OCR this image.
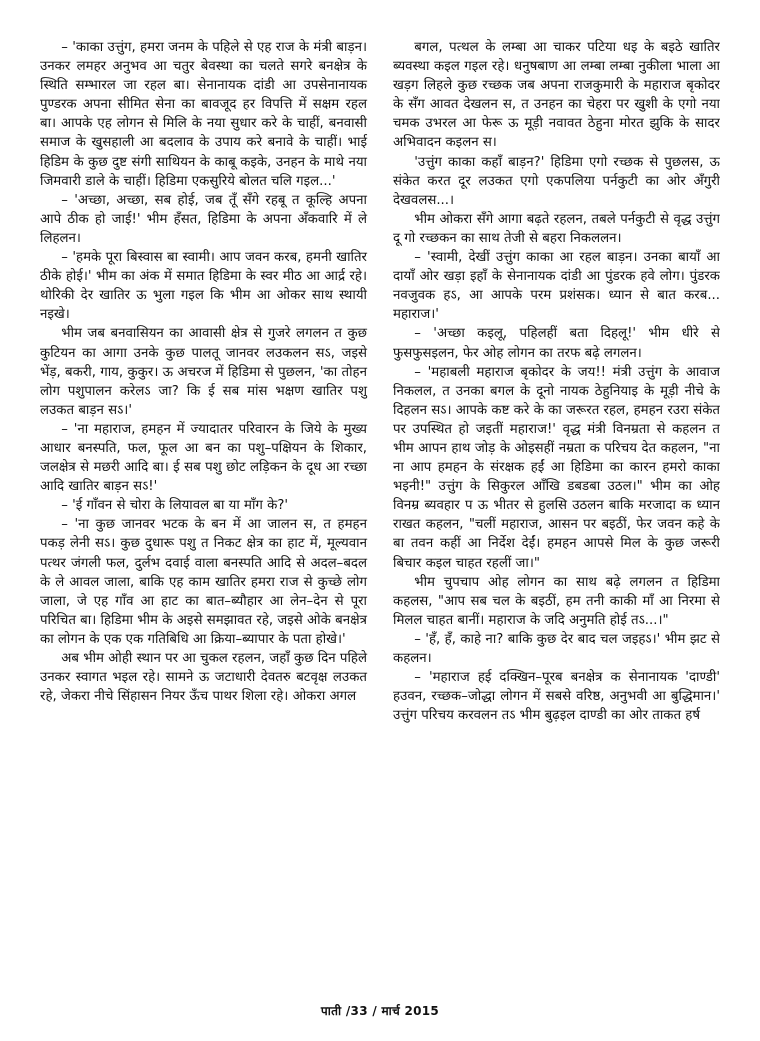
– 'काका उत्तुंग, हमरा जनम के पहिले से एह राज के मंत्री बाड़न। उनकर लमहर अनुभव आ चतुर बेवस्था का चलते सगरे बनक्षेत्र के स्थिति सम्भारल जा रहल बा। सेनानायक दांडी आ उपसेनानायक पुण्डरक अपना सीमित सेना का बावजूद हर विपत्ति में सक्षम रहल बा। आपके एह लोगन से मिलि के नया सुधार करे के चाहीं, बनवासी समाज के खुसहाली आ बदलाव के उपाय करे बनावे के चाहीं। भाई हिडिम के कुछ दुष्ट संगी साथियन के काबू कइके, उनहन के माथे नया जिमवारी डाले के चाहीं। हिडिमा एकसुरिये बोलत चलि गइल...'

– 'अच्छा, अच्छा, सब होई, जब तूँ सँगे रहबू त कूल्हि अपना आपे ठीक हो जाई!' भीम हँसत, हिडिमा के अपना अँकवारि में ले लिहलन।

– 'हमके पूरा बिस्वास बा स्वामी। आप जवन करब, हमनी खातिर ठीके होई।' भीम का अंक में समात हिडिमा के स्वर मीठ आ आर्द्र रहे। थोरिकी देर खातिर ऊ भुला गइल कि भीम आ ओकर साथ स्थायी नइखे।

भीम जब बनवासियन का आवासी क्षेत्र से गुजरे लगलन त कुछ कुटियन का आगा उनके कुछ पालतू जानवर लउकलन सऽ, जइसे भेंड़, बकरी, गाय, कुकुर। ऊ अचरज में हिडिमा से पुछलन, 'का तोहन लोग पशुपालन करेलऽ जा? कि ई सब मांस भक्षण खातिर पशु लउकत बाड़न सऽ।'

– 'ना महाराज, हमहन में ज्यादातर परिवारन के जिये के मुख्य आधार बनस्पति, फल, फूल आ बन का पशु–पक्षियन के शिकार, जलक्षेत्र से मछरी आदि बा। ई सब पशु छोट लड़िकन के दूध आ रच्छा आदि खातिर बाड़न सऽ!'

– 'ई गाँवन से चोरा के लियावल बा या माँग के?'

– 'ना कुछ जानवर भटक के बन में आ जालन स, त हमहन पकड़ लेनी सऽ। कुछ दुधारू पशु त निकट क्षेत्र का हाट में, मूल्यवान पत्थर जंगली फल, दुर्लभ दवाई वाला बनस्पति आदि से अदल–बदल के ले आवल जाला, बाकि एह काम खातिर हमरा राज से कुच्छे लोग जाला, जे एह गाँव आ हाट का बात–ब्यौहार आ लेन–देन से पूरा परिचित बा। हिडिमा भीम के अइसे समझावत रहे, जइसे ओके बनक्षेत्र का लोगन के एक एक गतिबिधि आ क्रिया–ब्यापार के पता होखे।'

अब भीम ओही स्थान पर आ चुकल रहलन, जहाँ कुछ दिन पहिले उनकर स्वागत भइल रहे। सामने ऊ जटाधारी देवतरु बटवृक्ष लउकत रहे, जेकरा नीचे सिंहासन नियर ऊँच पाथर शिला रहे। ओकरा अगल

बगल, पत्थल के लम्बा आ चाकर पटिया धइ के बइठे खातिर ब्यवस्था कइल गइल रहे। धनुषबाण आ लम्बा लम्बा नुकीला भाला आ खड़ग लिहले कुछ रच्छक जब अपना राजकुमारी के महाराज बृकोदर के सँग आवत देखलन स, त उनहन का चेहरा पर खुशी के एगो नया चमक उभरल आ फेरू ऊ मूड़ी नवावत ठेहुना मोरत झुकि के सादर अभिवादन कइलन स।

'उत्तुंग काका कहाँ बाड़न?' हिडिमा एगो रच्छक से पुछलस, ऊ संकेत करत दूर लउकत एगो एकपलिया पर्नकुटी का ओर अँगुरी देखवलस...।

भीम ओकरा सँगे आगा बढ़ते रहलन, तबले पर्नकुटी से वृद्ध उत्तुंग दू गो रच्छकन का साथ तेजी से बहरा निकललन।

– 'स्वामी, देखीं उत्तुंग काका आ रहल बाड़न। उनका बायाँ आ दायाँ ओर खड़ा इहाँ के सेनानायक दांडी आ पुंडरक हवे लोग। पुंडरक नवजुवक हऽ, आ आपके परम प्रशंसक। ध्यान से बात करब... महाराज।'

– 'अच्छा कइलू, पहिलहीं बता दिहलू!' भीम धीरे से फुसफुसइलन, फेर ओह लोगन का तरफ बढ़े लगलन।

– 'महाबली महाराज बृकोदर के जय!! मंत्री उत्तुंग के आवाज निकलल, त उनका बगल के दूनो नायक ठेहुनियाइ के मूड़ी नीचे के दिहलन सऽ। आपके कष्ट करे के का जरूरत रहल, हमहन रउरा संकेत पर उपस्थित हो जइतीं महाराज!' वृद्ध मंत्री विनम्रता से कहलन त भीम आपन हाथ जोड़ के ओइसहीं नम्रता क परिचय देत कहलन, "ना ना आप हमहन के संरक्षक हईं आ हिडिमा का कारन हमरो काका भइनी!" उत्तुंग के सिकुरल आँखि डबडबा उठल।" भीम का ओह विनम्र ब्यवहार प ऊ भीतर से हुलसि उठलन बाकि मरजादा क ध्यान राखत कहलन, "चलीं महाराज, आसन पर बइठीं, फेर जवन कहे के बा तवन कहीं आ निर्देश देईं। हमहन आपसे मिल के कुछ जरूरी बिचार कइल चाहत रहलीं जा।"

भीम चुपचाप ओह लोगन का साथ बढ़े लगलन त हिडिमा कहलस, "आप सब चल के बइठीं, हम तनी काकी माँ आ निरमा से मिलल चाहत बानीं। महाराज के जदि अनुमति होई तऽ...।"

– 'हँ, हँ, काहे ना? बाकि कुछ देर बाद चल जइहऽ।' भीम झट से कहलन।

– 'महाराज हई दक्खिन–पूरब बनक्षेत्र क सेनानायक 'दाण्डी' हउवन, रच्छक–जोद्धा लोगन में सबसे वरिष्ठ, अनुभवी आ बुद्धिमान।' उत्तुंग परिचय करवलन तऽ भीम बुढ़इल दाण्डी का ओर ताकत हर्ष

पाती /33 / मार्च 2015
